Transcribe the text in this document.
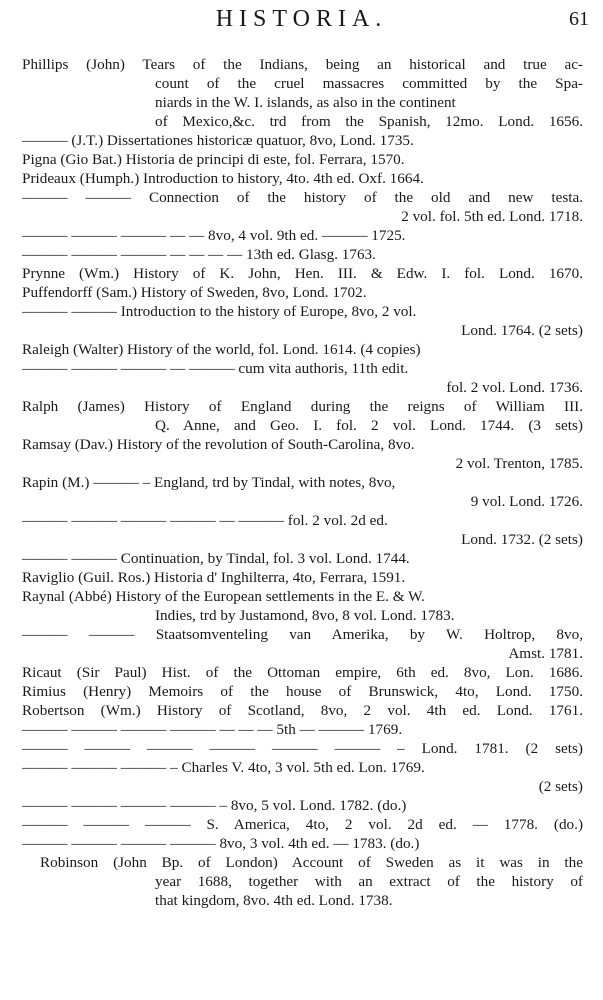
HISTORIA.	61
Phillips (John) Tears of the Indians, being an historical and true ac-
count of the cruel massacres committed by the Spa-
niards in the W. I. islands, as also in the continent
of Mexico,&c. trd from the Spanish, 12mo. Lond. 1656.
——— (J.T.) Dissertationes historicæ quatuor, 8vo, Lond. 1735.
Pigna (Gio Bat.) Historia de principi di este, fol. Ferrara, 1570.
Prideaux (Humph.) Introduction to history, 4to. 4th ed. Oxf. 1664.
——— ——— Connection of the history of the old and new testa.
2 vol. fol. 5th ed. Lond. 1718.
——— ——— ——— — — 8vo, 4 vol. 9th ed. ——— 1725.
——— ——— ——— — — — — 13th ed. Glasg. 1763.
Prynne (Wm.) History of K. John, Hen. III. & Edw. I. fol. Lond. 1670.
Puffendorff (Sam.) History of Sweden, 8vo, Lond. 1702.
——— ——— Introduction to the history of Europe, 8vo, 2 vol.
Lond. 1764. (2 sets)
Raleigh (Walter) History of the world, fol. Lond. 1614. (4 copies)
——— ——— ——— — ——— cum vita authoris, 11th edit.
fol. 2 vol. Lond. 1736.
Ralph (James) History of England during the reigns of William III.
Q. Anne, and Geo. I. fol. 2 vol. Lond. 1744. (3 sets)
Ramsay (Dav.) History of the revolution of South-Carolina, 8vo.
2 vol. Trenton, 1785.
Rapin (M.) ——— – England, trd by Tindal, with notes, 8vo,
9 vol. Lond. 1726.
——— ——— ——— ——— — ——— fol. 2 vol. 2d ed.
Lond. 1732. (2 sets)
——— ——— Continuation, by Tindal, fol. 3 vol. Lond. 1744.
Raviglio (Guil. Ros.) Historia d' Inghilterra, 4to, Ferrara, 1591.
Raynal (Abbé) History of the European settlements in the E. & W.
Indies, trd by Justamond, 8vo, 8 vol. Lond. 1783.
——— ——— Staatsomventeling van Amerika, by W. Holtrop, 8vo,
Amst. 1781.
Ricaut (Sir Paul) Hist. of the Ottoman empire, 6th ed. 8vo, Lon. 1686.
Rimius (Henry) Memoirs of the house of Brunswick, 4to, Lond. 1750.
Robertson (Wm.) History of Scotland, 8vo, 2 vol. 4th ed. Lond. 1761.
——— ——— ——— ——— — — — 5th — ——— 1769.
——— ——— ——— ——— ——— ——— – Lond. 1781. (2 sets)
——— ——— ——— – Charles V. 4to, 3 vol. 5th ed. Lon. 1769.
(2 sets)
——— ——— ——— ——— – 8vo, 5 vol. Lond. 1782. (do.)
——— ——— ——— S. America, 4to, 2 vol. 2d ed. — 1778. (do.)
——— ——— ——— ——— 8vo, 3 vol. 4th ed. — 1783. (do.)
Robinson (John Bp. of London) Account of Sweden as it was in the
year 1688, together with an extract of the history of
that kingdom, 8vo. 4th ed. Lond. 1738.
